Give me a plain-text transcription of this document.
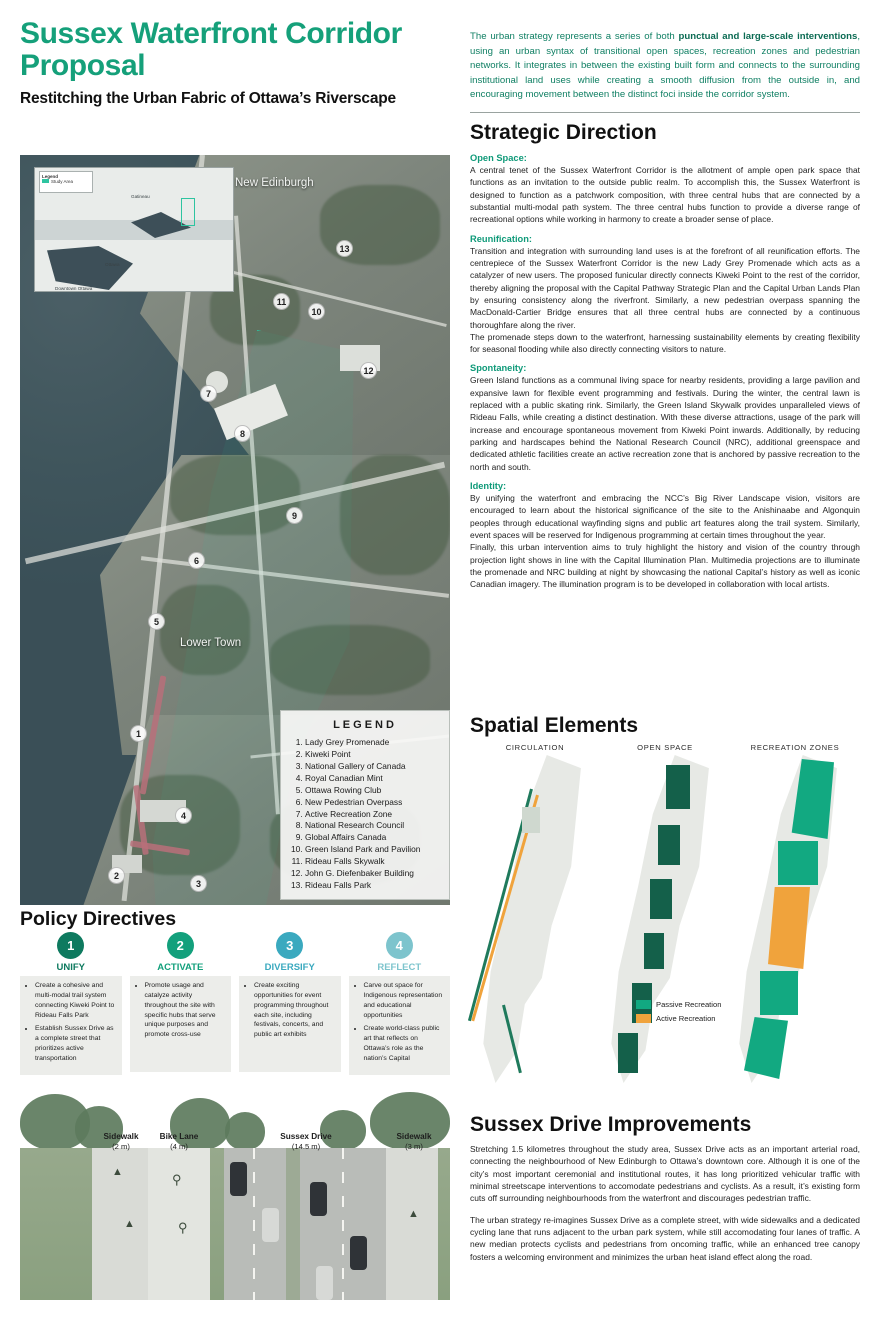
Sussex Waterfront Corridor Proposal
Restitching the Urban Fabric of Ottawa’s Riverscape
Legend
Study Area
Ottawa
Gatineau
Downtown Ottawa
New Edinburgh
Lower Town
1
2
3
4
5
6
7
8
9
10
11
12
13
LEGEND
1. Lady Grey Promenade
2. Kiweki Point
3. National Gallery of Canada
4. Royal Canadian Mint
5. Ottawa Rowing Club
6. New Pedestrian Overpass
7. Active Recreation Zone
8. National Research Council
9. Global Affairs Canada
10. Green Island Park and Pavilion
11. Rideau Falls Skywalk
12. John G. Diefenbaker Building
13. Rideau Falls Park
Policy Directives
1
UNIFY
• Create a cohesive and multi-modal trail system connecting Kiweki Point to Rideau Falls Park
• Establish Sussex Drive as a complete street that prioritizes active transportation
2
ACTIVATE
• Promote usage and catalyze activity throughout the site with specific hubs that serve unique purposes and promote cross-use
3
DIVERSIFY
• Create exciting opportunities for event programming throughout each site, including festivals, concerts, and public art exhibits
4
REFLECT
• Carve out space for Indigenous representation and educational opportunities
• Create world-class public art that reflects on Ottawa’s role as the nation’s Capital
⚲
⚲
▲
▲
▲
Sidewalk
(2 m)
Bike Lane
(4 m)
Sussex Drive
(14.5 m)
Sidewalk
(3 m)

The urban strategy represents a series of both punctual and large-scale interventions, using an urban syntax of transitional open spaces, recreation zones and pedestrian networks. It integrates in between the existing built form and connects to the surrounding institutional land uses while creating a smooth diffusion from the outside in, and encouraging movement between the distinct foci inside the corridor system.

Strategic Direction
Open Space:

A central tenet of the Sussex Waterfront Corridor is the allotment of ample open park space that functions as an invitation to the outside public realm. To accomplish this, the Sussex Waterfront is designed to function as a patchwork composition, with three central hubs that are connected by a substantial multi-modal path system. The three central hubs function to provide a diverse range of recreational options while working in harmony to create a broader sense of place.

Reunification:

Transition and integration with surrounding land uses is at the forefront of all reunification efforts. The centrepiece of the Sussex Waterfront Corridor is the new Lady Grey Promenade which acts as a catalyzer of new users. The proposed funicular directly connects Kiweki Point to the rest of the corridor, thereby aligning the proposal with the Capital Pathway Strategic Plan and the Capital Urban Lands Plan by ensuring consistency along the riverfront. Similarly, a new pedestrian overpass spanning the MacDonald-Cartier Bridge ensures that all three central hubs are connected by a continuous thoroughfare along the river.

The promenade steps down to the waterfront, harnessing sustainability elements by creating flexibility for seasonal flooding while also directly connecting visitors to nature.

Spontaneity:

Green Island functions as a communal living space for nearby residents, providing a large pavilion and expansive lawn for flexible event programming and festivals. During the winter, the central lawn is replaced with a public skating rink. Similarly, the Green Island Skywalk provides unparalleled views of Rideau Falls, while creating a distinct destination. With these diverse attractions, usage of the park will increase and encourage spontaneous movement from Kiweki Point inwards. Additionally, by reducing parking and hardscapes behind the National Research Council (NRC), additional greenspace and dedicated athletic facilities create an active recreation zone that is anchored by passive recreation to the north and south.

Identity:

By unifying the waterfront and embracing the NCC’s Big River Landscape vision, visitors are encouraged to learn about the historical significance of the site to the Anishinaabe and Algonquin peoples through educational wayfinding signs and public art features along the trail system. Similarly, event spaces will be reserved for Indigenous programming at certain times throughout the year.

Finally, this urban intervention aims to truly highlight the history and vision of the country through projection light shows in line with the Capital Illumination Plan. Multimedia projections are to illuminate the promenade and NRC building at night by showcasing the national Capital’s history as well as iconic Canadian imagery. The illumination program is to be developed in collaboration with local artists.

Spatial Elements
CIRCULATION	OPEN SPACE	RECREATION ZONES
Passive Recreation
Active Recreation
Sussex Drive Improvements

Stretching 1.5 kilometres throughout the study area, Sussex Drive acts as an important arterial road, connecting the neighbourhood of New Edinburgh to Ottawa’s downtown core. Although it is one of the city’s most important ceremonial and institutional routes, it has long prioritized vehicular traffic with minimal streetscape interventions to accomodate pedestrians and cyclists. As a result, it’s existing form cuts off surrounding neighbourhoods from the waterfront and discourages pedestrian traffic.

The urban strategy re-imagines Sussex Drive as a complete street, with wide sidewalks and a dedicated cycling lane that runs adjacent to the urban park system, while still accomodating four lanes of traffic. A new median protects cyclists and pedestrians from oncoming traffic, while an enhanced tree canopy fosters a welcoming environment and minimizes the urban heat island effect along the road.
